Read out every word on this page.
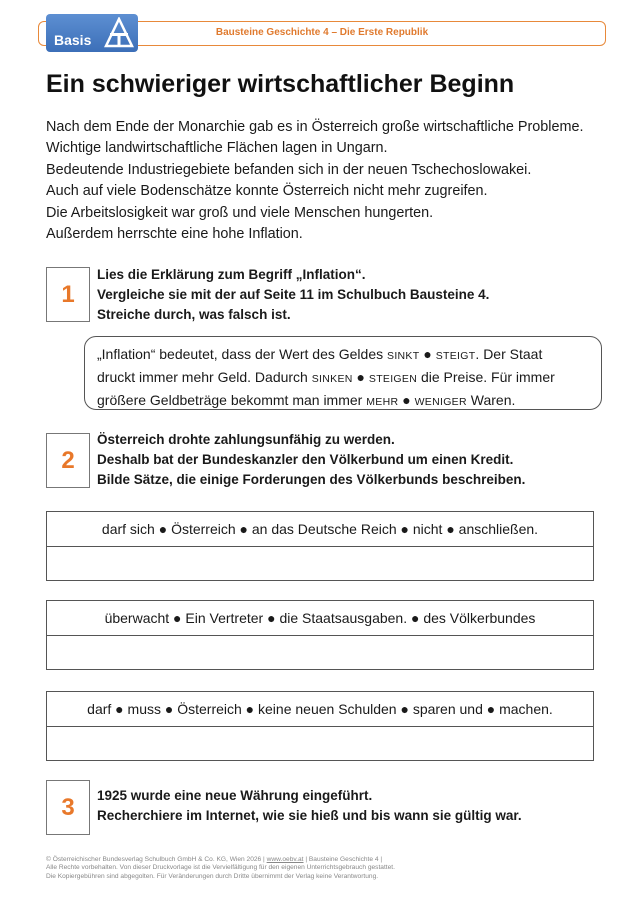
Bausteine Geschichte 4 – Die Erste Republik
Basis
Ein schwieriger wirtschaftlicher Beginn
Nach dem Ende der Monarchie gab es in Österreich große wirtschaftliche Probleme.
Wichtige landwirtschaftliche Flächen lagen in Ungarn.
Bedeutende Industriegebiete befanden sich in der neuen Tschechoslowakei.
Auch auf viele Bodenschätze konnte Österreich nicht mehr zugreifen.
Die Arbeitslosigkeit war groß und viele Menschen hungerten.
Außerdem herrschte eine hohe Inflation.
1
Lies die Erklärung zum Begriff „Inflation“.
Vergleiche sie mit der auf Seite 11 im Schulbuch Bausteine 4.
Streiche durch, was falsch ist.
„Inflation“ bedeutet, dass der Wert des Geldes SINKT ● STEIGT. Der Staat
druckt immer mehr Geld. Dadurch SINKEN ● STEIGEN die Preise. Für immer
größere Geldbeträge bekommt man immer MEHR ● WENIGER Waren.
2
Österreich drohte zahlungsunfähig zu werden.
Deshalb bat der Bundeskanzler den Völkerbund um einen Kredit.
Bilde Sätze, die einige Forderungen des Völkerbunds beschreiben.
darf sich ● Österreich ● an das Deutsche Reich ● nicht ● anschließen.
überwacht ● Ein Vertreter ● die Staatsausgaben. ● des Völkerbundes
darf ● muss ● Österreich ● keine neuen Schulden ● sparen und ● machen.
3	1925 wurde eine neue Währung eingeführt.
Recherchiere im Internet, wie sie hieß und bis wann sie gültig war.
© Österreichischer Bundesverlag Schulbuch GmbH & Co. KG, Wien 2026 | www.oebv.at | Bausteine Geschichte 4 |
Alle Rechte vorbehalten. Von dieser Druckvorlage ist die Vervielfältigung für den eigenen Unterrichtsgebrauch gestattet.
Die Kopiergebühren sind abgegolten. Für Veränderungen durch Dritte übernimmt der Verlag keine Verantwortung.
